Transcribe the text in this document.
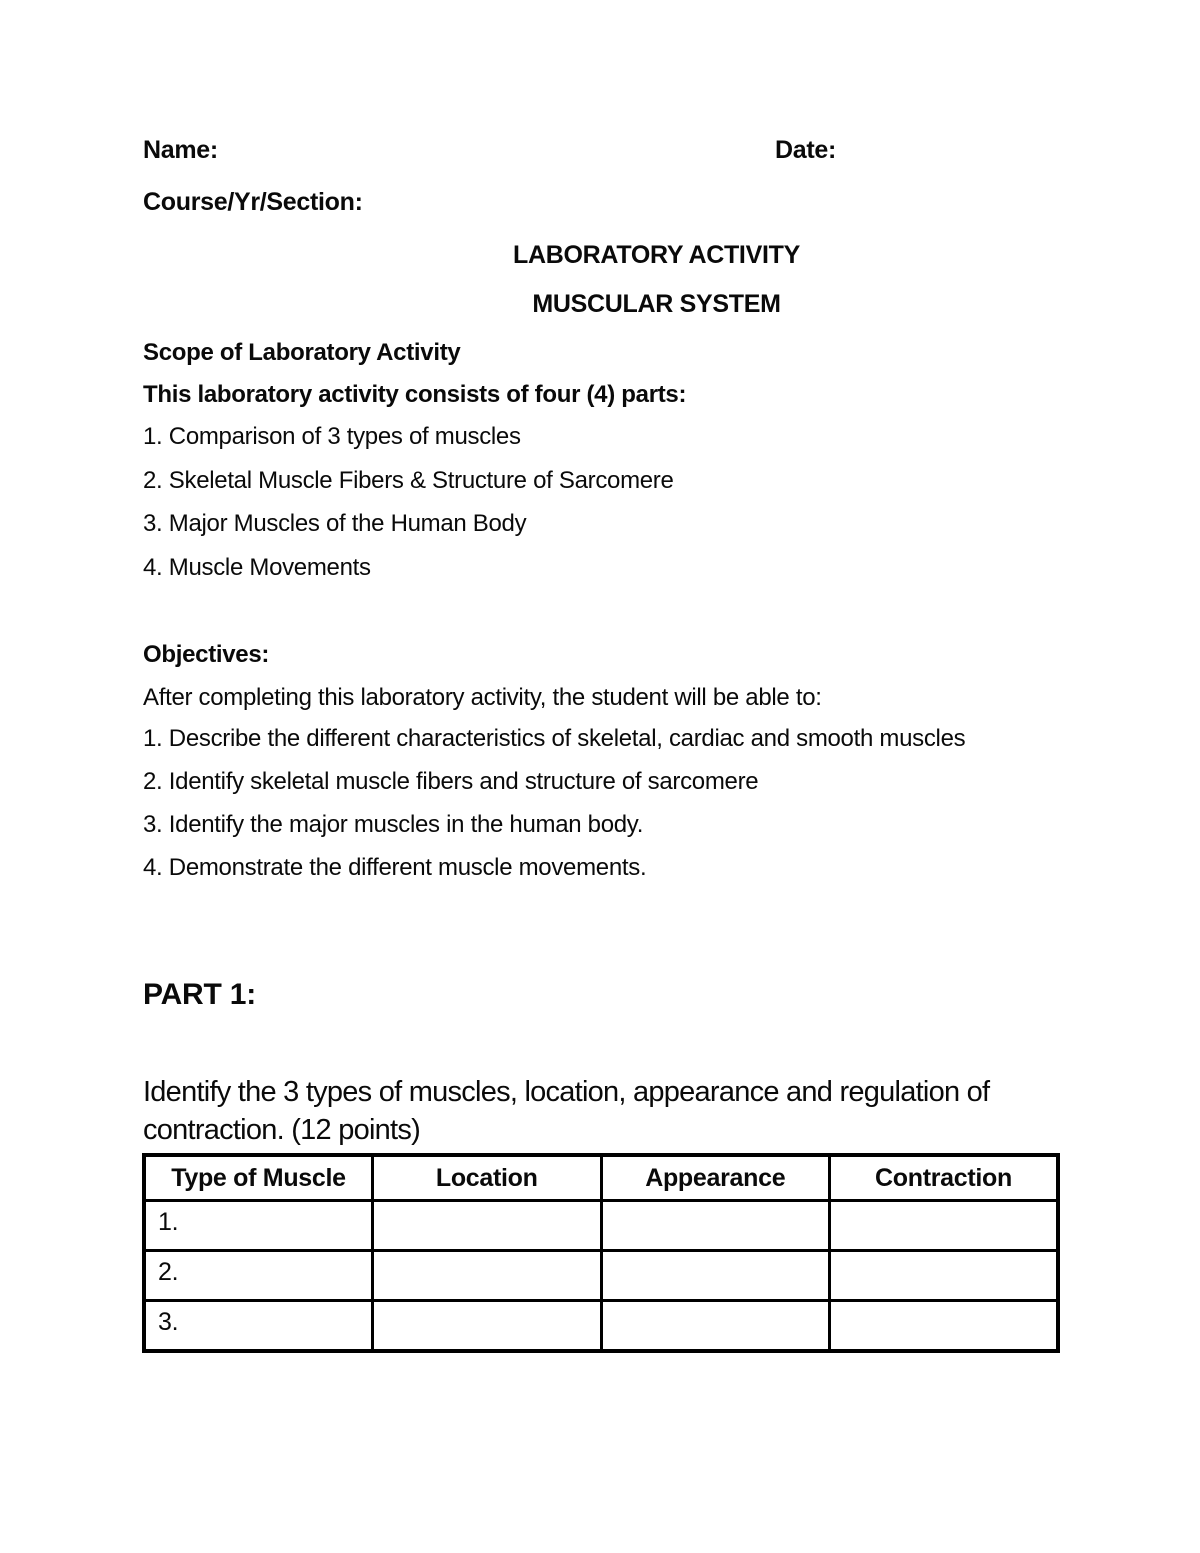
Name:	Date:
Course/Yr/Section:
LABORATORY ACTIVITY
MUSCULAR SYSTEM
Scope of Laboratory Activity
This laboratory activity consists of four (4) parts:
1. Comparison of 3 types of muscles
2. Skeletal Muscle Fibers & Structure of Sarcomere
3. Major Muscles of the Human Body
4. Muscle Movements
Objectives:
After completing this laboratory activity, the student will be able to:
1. Describe the different characteristics of skeletal, cardiac and smooth muscles
2. Identify skeletal muscle fibers and structure of sarcomere
3. Identify the major muscles in the human body.
4. Demonstrate the different muscle movements.
PART 1:
Identify the 3 types of muscles, location, appearance and regulation of
contraction. (12 points)
Type of Muscle	Location	Appearance	Contraction
1.			
2.			
3.			
